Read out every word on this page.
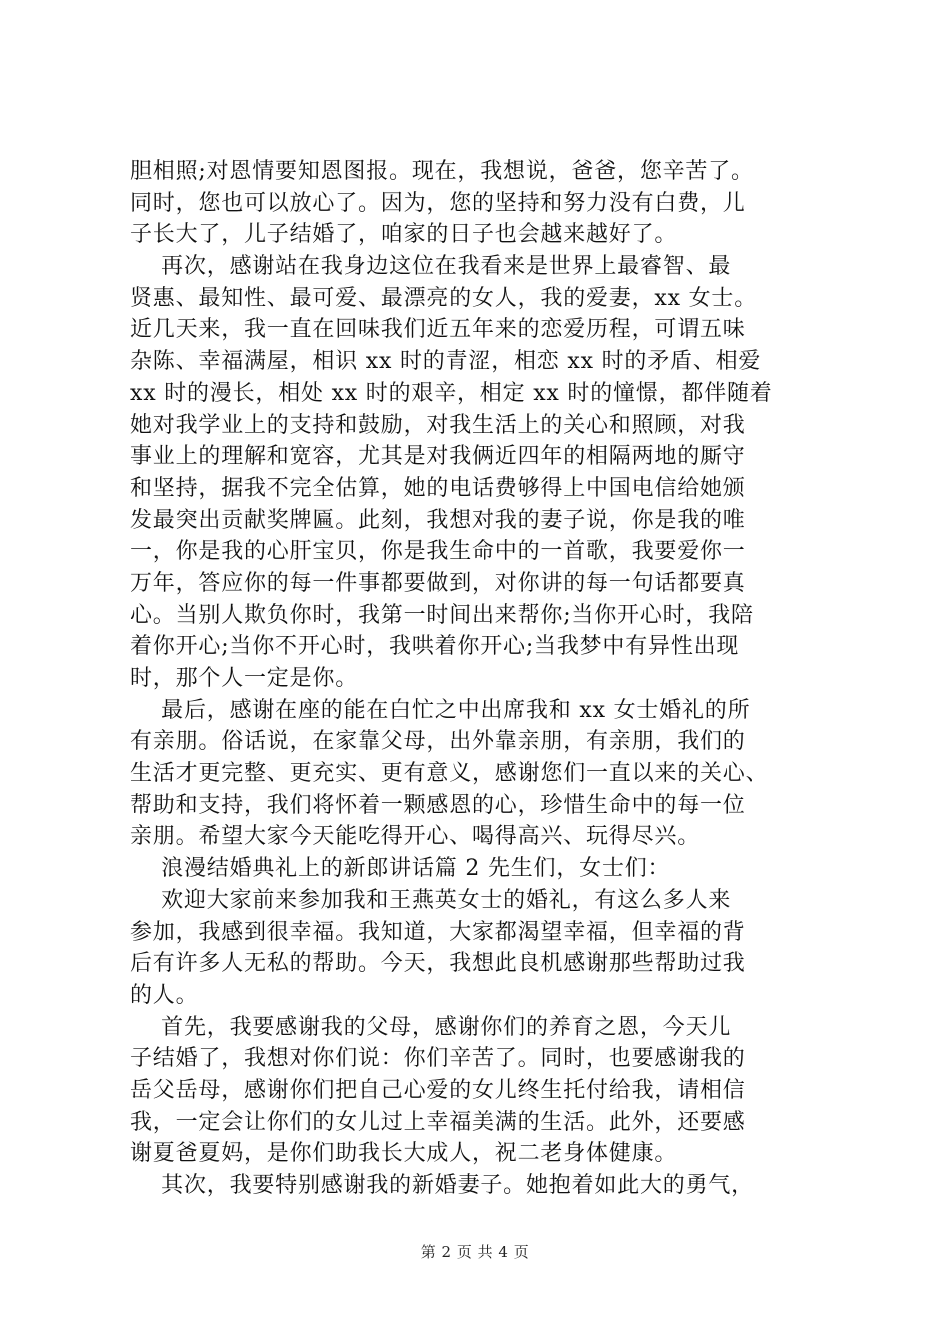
胆相照;对恩情要知恩图报。现在，我想说，爸爸，您辛苦了。
同时，您也可以放心了。因为，您的坚持和努力没有白费，儿
子长大了，儿子结婚了，咱家的日子也会越来越好了。
再次，感谢站在我身边这位在我看来是世界上最睿智、最
贤惠、最知性、最可爱、最漂亮的女人，我的爱妻，xx 女士。
近几天来，我一直在回味我们近五年来的恋爱历程，可谓五味
杂陈、幸福满屋，相识 xx 时的青涩，相恋 xx 时的矛盾、相爱
xx 时的漫长，相处 xx 时的艰辛，相定 xx 时的憧憬，都伴随着
她对我学业上的支持和鼓励，对我生活上的关心和照顾，对我
事业上的理解和宽容，尤其是对我俩近四年的相隔两地的厮守
和坚持，据我不完全估算，她的电话费够得上中国电信给她颁
发最突出贡献奖牌匾。此刻，我想对我的妻子说，你是我的唯
一，你是我的心肝宝贝，你是我生命中的一首歌，我要爱你一
万年，答应你的每一件事都要做到，对你讲的每一句话都要真
心。当别人欺负你时，我第一时间出来帮你;当你开心时，我陪
着你开心;当你不开心时，我哄着你开心;当我梦中有异性出现
时，那个人一定是你。
最后，感谢在座的能在白忙之中出席我和 xx 女士婚礼的所
有亲朋。俗话说，在家靠父母，出外靠亲朋，有亲朋，我们的
生活才更完整、更充实、更有意义，感谢您们一直以来的关心、
帮助和支持，我们将怀着一颗感恩的心，珍惜生命中的每一位
亲朋。希望大家今天能吃得开心、喝得高兴、玩得尽兴。
浪漫结婚典礼上的新郎讲话篇 2 先生们，女士们：
欢迎大家前来参加我和王燕英女士的婚礼，有这么多人来
参加，我感到很幸福。我知道，大家都渴望幸福，但幸福的背
后有许多人无私的帮助。今天，我想此良机感谢那些帮助过我
的人。
首先，我要感谢我的父母，感谢你们的养育之恩，今天儿
子结婚了，我想对你们说：你们辛苦了。同时，也要感谢我的
岳父岳母，感谢你们把自己心爱的女儿终生托付给我，请相信
我，一定会让你们的女儿过上幸福美满的生活。此外，还要感
谢夏爸夏妈，是你们助我长大成人，祝二老身体健康。
其次，我要特别感谢我的新婚妻子。她抱着如此大的勇气，
第 2 页 共 4 页
